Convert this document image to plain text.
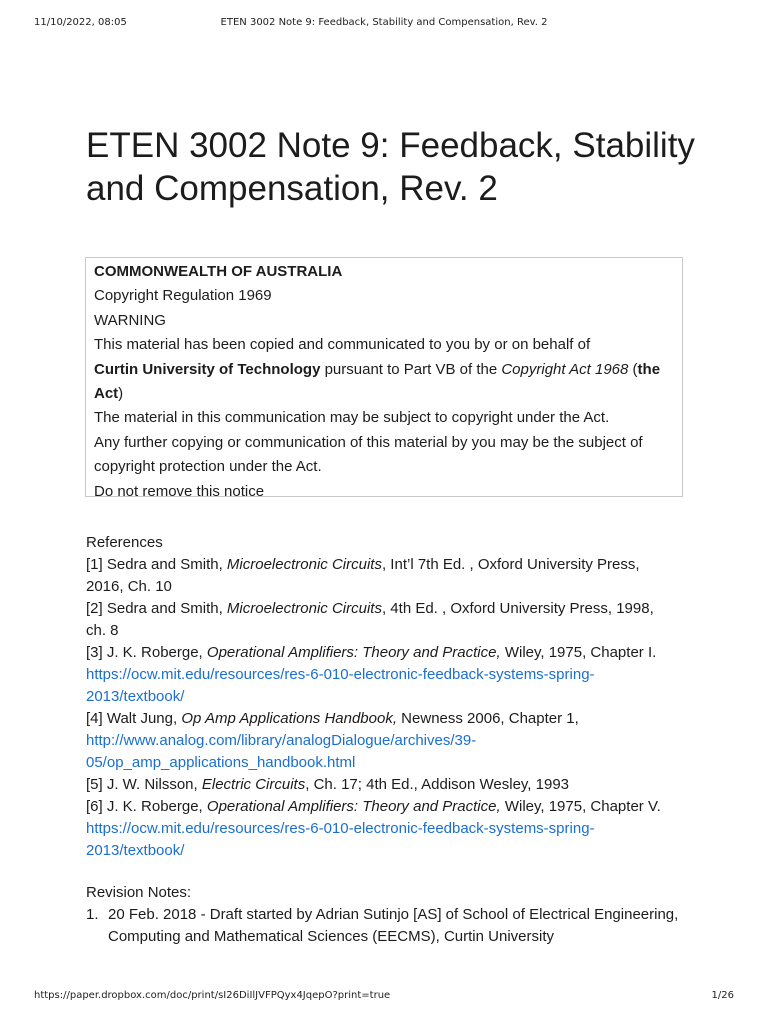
11/10/2022, 08:05	ETEN 3002 Note 9: Feedback, Stability and Compensation, Rev. 2
ETEN 3002 Note 9: Feedback, Stability and Compensation, Rev. 2

COMMONWEALTH OF AUSTRALIA

Copyright Regulation 1969

WARNING

This material has been copied and communicated to you by or on behalf of

Curtin University of Technology pursuant to Part VB of the Copyright Act 1968 (the Act)

The material in this communication may be subject to copyright under the Act.

Any further copying or communication of this material by you may be the subject of copyright protection under the Act.

Do not remove this notice

References

[1] Sedra and Smith, Microelectronic Circuits, Int’l 7th Ed. , Oxford University Press, 2016, Ch. 10

[2] Sedra and Smith, Microelectronic Circuits, 4th Ed. , Oxford University Press, 1998, ch. 8

[3] J. K. Roberge, Operational Amplifiers: Theory and Practice, Wiley, 1975, Chapter I. https://ocw.mit.edu/resources/res-6-010-electronic-feedback-systems-spring-2013/textbook/

[4] Walt Jung, Op Amp Applications Handbook, Newness 2006, Chapter 1, http://www.analog.com/library/analogDialogue/archives/39-05/op_amp_applications_handbook.html

[5] J. W. Nilsson, Electric Circuits, Ch. 17; 4th Ed., Addison Wesley, 1993

[6] J. K. Roberge, Operational Amplifiers: Theory and Practice, Wiley, 1975, Chapter V. https://ocw.mit.edu/resources/res-6-010-electronic-feedback-systems-spring-2013/textbook/

Revision Notes:

1. 20 Feb. 2018 - Draft started by Adrian Sutinjo [AS] of School of Electrical Engineering, Computing and Mathematical Sciences (EECMS), Curtin University
https://paper.dropbox.com/doc/print/sI26DiIlJVFPQyx4JqepO?print=true	1/26
